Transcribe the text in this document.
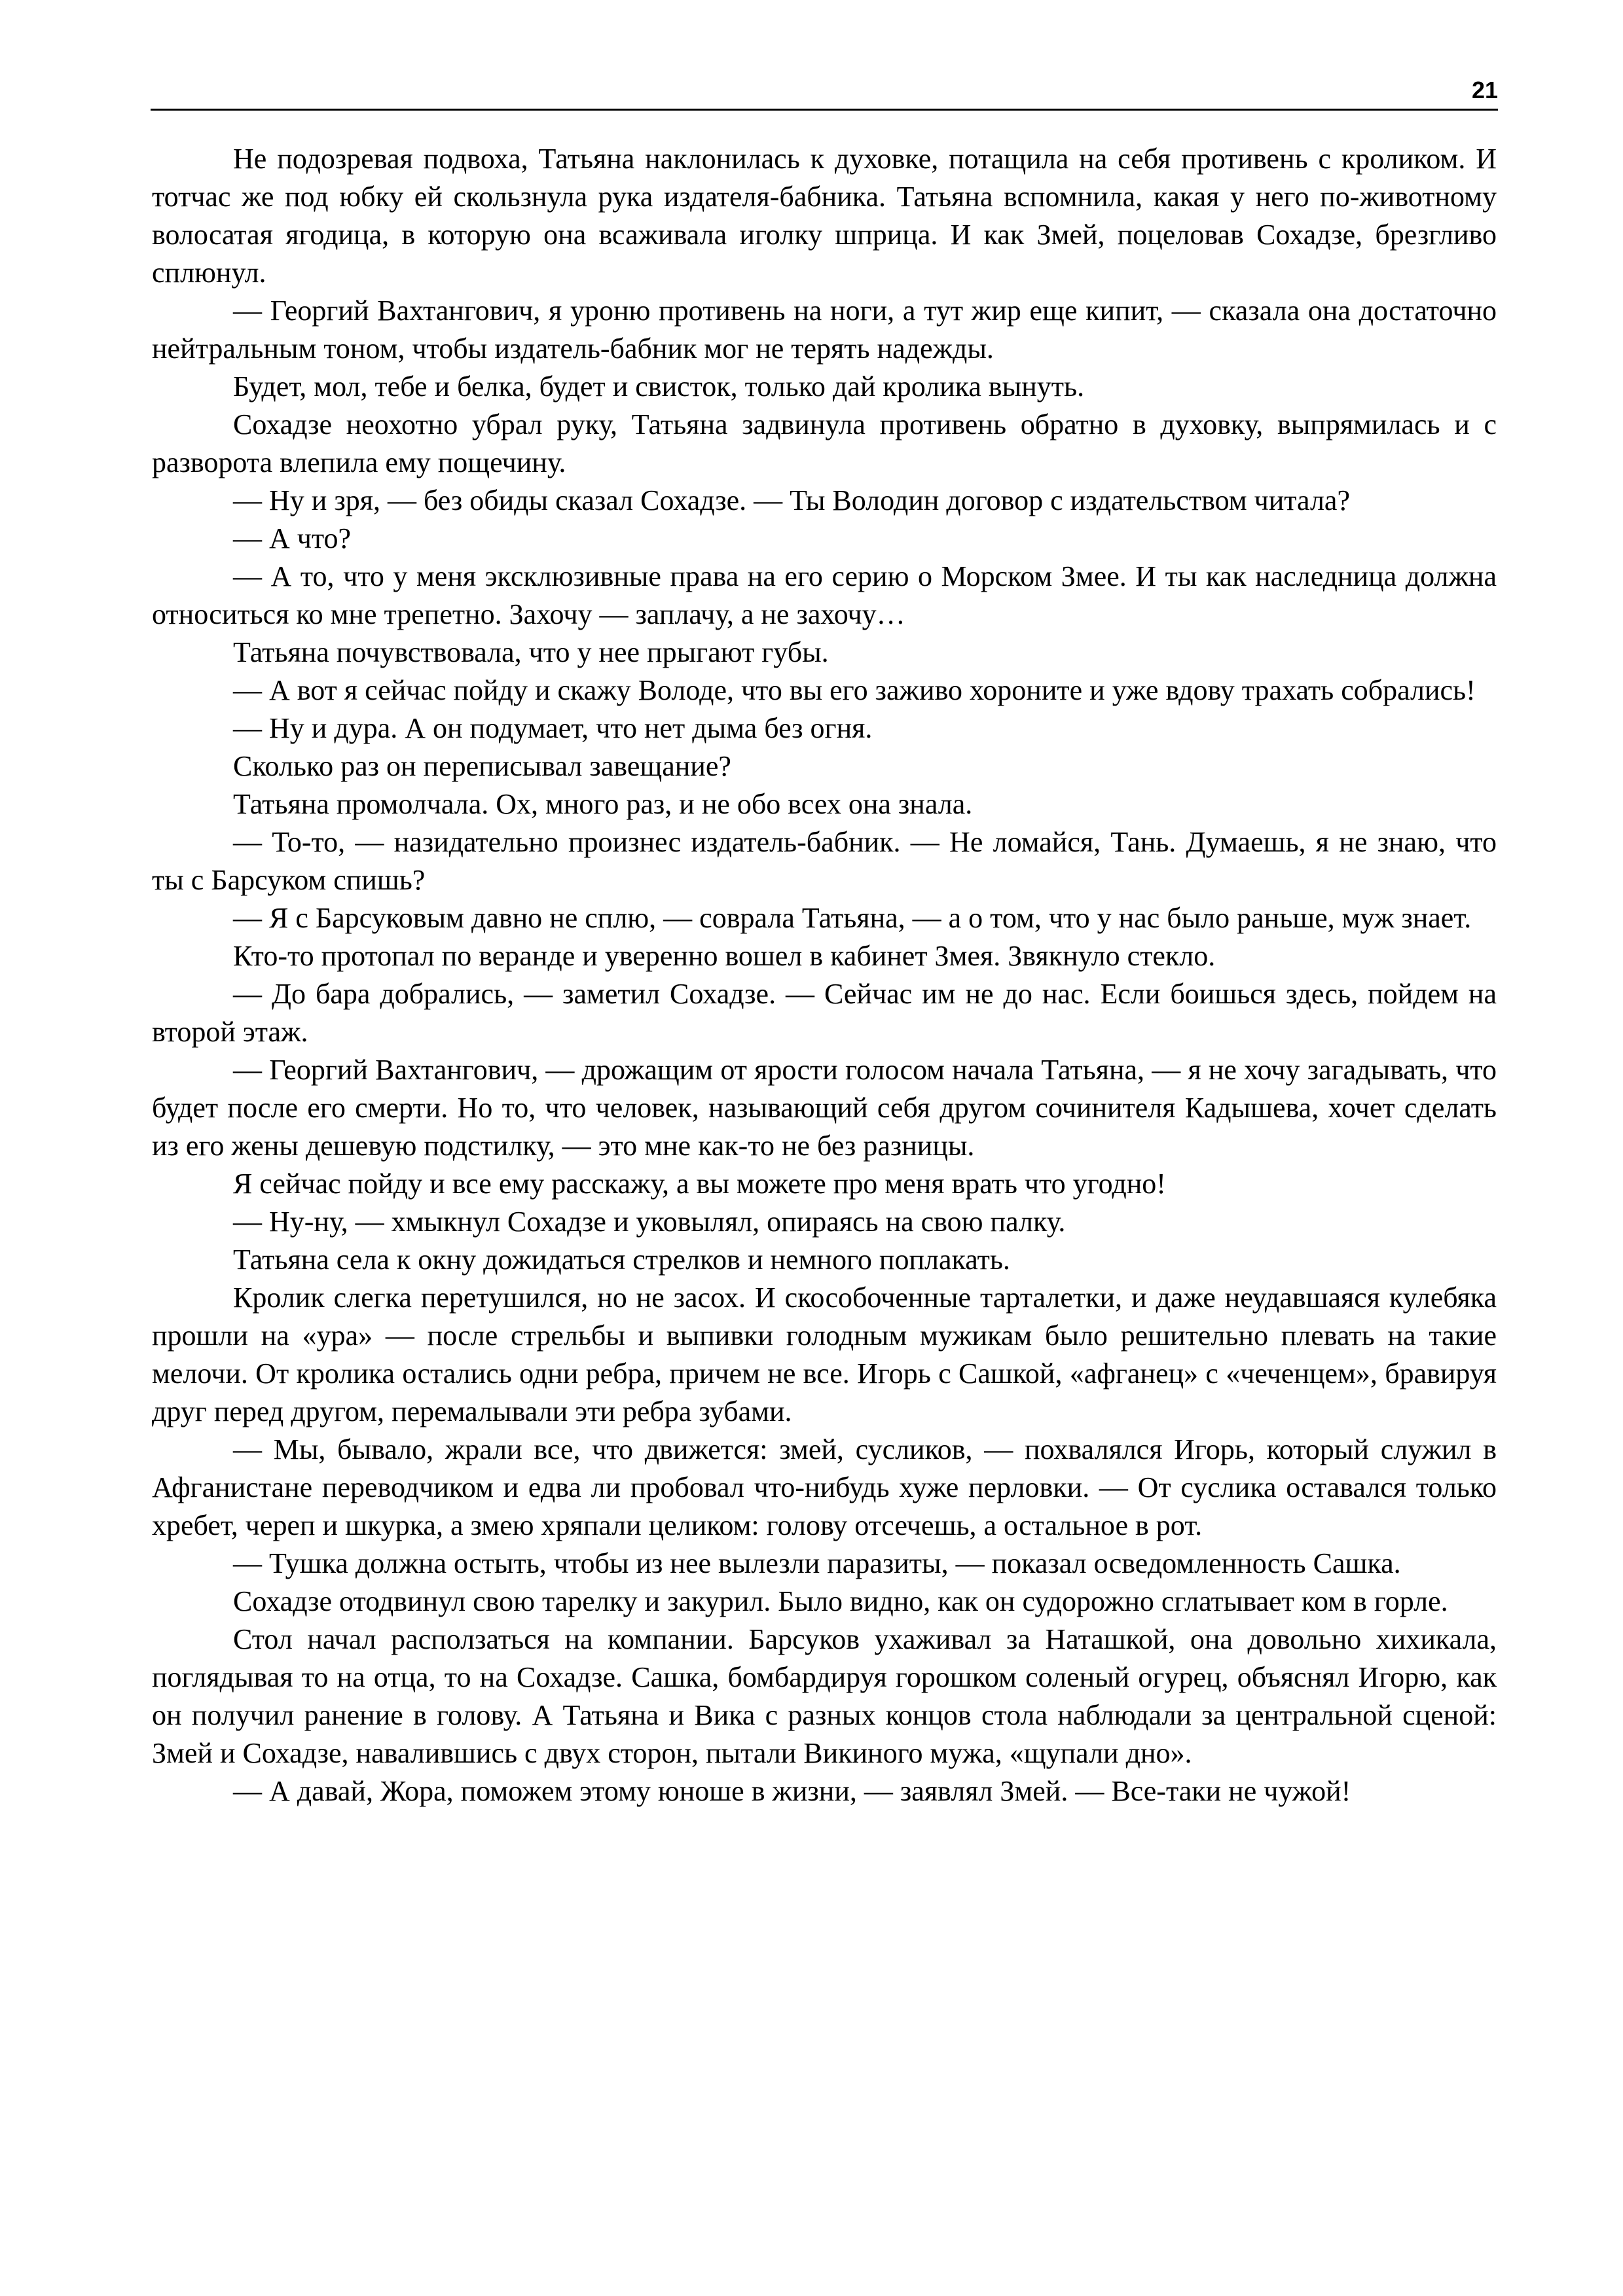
21

Не подозревая подвоха, Татьяна наклонилась к духовке, потащила на себя противень с кроликом. И тотчас же под юбку ей скользнула рука издателя-бабника. Татьяна вспомнила, какая у него по-животному волосатая ягодица, в которую она всаживала иголку шприца. И как Змей, поцеловав Сохадзе, брезгливо сплюнул.

— Георгий Вахтангович, я уроню противень на ноги, а тут жир еще кипит, — сказала она достаточно нейтральным тоном, чтобы издатель-бабник мог не терять надежды.

Будет, мол, тебе и белка, будет и свисток, только дай кролика вынуть.

Сохадзе неохотно убрал руку, Татьяна задвинула противень обратно в духовку, выпрямилась и с разворота влепила ему пощечину.

— Ну и зря, — без обиды сказал Сохадзе. — Ты Володин договор с издательством читала?

— А что?

— А то, что у меня эксклюзивные права на его серию о Морском Змее. И ты как наследница должна относиться ко мне трепетно. Захочу — заплачу, а не захочу…

Татьяна почувствовала, что у нее прыгают губы.

— А вот я сейчас пойду и скажу Володе, что вы его заживо хороните и уже вдову трахать собрались!

— Ну и дура. А он подумает, что нет дыма без огня.

Сколько раз он переписывал завещание?

Татьяна промолчала. Ох, много раз, и не обо всех она знала.

— То-то, — назидательно произнес издатель-бабник. — Не ломайся, Тань. Думаешь, я не знаю, что ты с Барсуком спишь?

— Я с Барсуковым давно не сплю, — соврала Татьяна, — а о том, что у нас было раньше, муж знает.

Кто-то протопал по веранде и уверенно вошел в кабинет Змея. Звякнуло стекло.

— До бара добрались, — заметил Сохадзе. — Сейчас им не до нас. Если боишься здесь, пойдем на второй этаж.

— Георгий Вахтангович, — дрожащим от ярости голосом начала Татьяна, — я не хочу загадывать, что будет после его смерти. Но то, что человек, называющий себя другом сочинителя Кадышева, хочет сделать из его жены дешевую подстилку, — это мне как-то не без разницы.

Я сейчас пойду и все ему расскажу, а вы можете про меня врать что угодно!

— Ну-ну, — хмыкнул Сохадзе и уковылял, опираясь на свою палку.

Татьяна села к окну дожидаться стрелков и немного поплакать.

Кролик слегка перетушился, но не засох. И скособоченные тарталетки, и даже неудавшаяся кулебяка прошли на «ура» — после стрельбы и выпивки голодным мужикам было решительно плевать на такие мелочи. От кролика остались одни ребра, причем не все. Игорь с Сашкой, «афганец» с «чеченцем», бравируя друг перед другом, перемалывали эти ребра зубами.

— Мы, бывало, жрали все, что движется: змей, сусликов, — похвалялся Игорь, который служил в Афганистане переводчиком и едва ли пробовал что-нибудь хуже перловки. — От суслика оставался только хребет, череп и шкурка, а змею хряпали целиком: голову отсечешь, а остальное в рот.

— Тушка должна остыть, чтобы из нее вылезли паразиты, — показал осведомленность Сашка.

Сохадзе отодвинул свою тарелку и закурил. Было видно, как он судорожно сглатывает ком в горле.

Стол начал расползаться на компании. Барсуков ухаживал за Наташкой, она довольно хихикала, поглядывая то на отца, то на Сохадзе. Сашка, бомбардируя горошком соленый огурец, объяснял Игорю, как он получил ранение в голову. А Татьяна и Вика с разных концов стола наблюдали за центральной сценой: Змей и Сохадзе, навалившись с двух сторон, пытали Викиного мужа, «щупали дно».

— А давай, Жора, поможем этому юноше в жизни, — заявлял Змей. — Все-таки не чужой!
